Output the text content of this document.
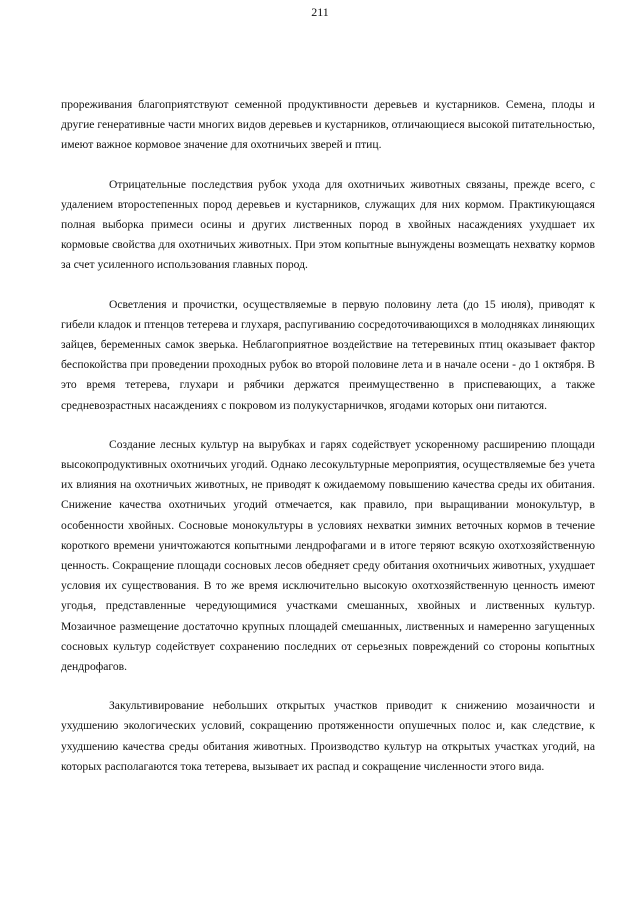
211

прореживания благоприятствуют семенной продуктивности деревьев и кустарников. Семена, плоды и другие генеративные части многих видов деревьев и кустарников, отличающиеся высокой питательностью, имеют важное кормовое значение для охотничьих зверей и птиц.

Отрицательные последствия рубок ухода для охотничьих животных связаны, прежде всего, с удалением второстепенных пород деревьев и кустарников, служащих для них кормом. Практикующаяся полная выборка примеси осины и других лиственных пород в хвойных насаждениях ухудшает их кормовые свойства для охотничьих животных. При этом копытные вынуждены возмещать нехватку кормов за счет усиленного использования главных пород.

Осветления и прочистки, осуществляемые в первую половину лета (до 15 июля), приводят к гибели кладок и птенцов тетерева и глухаря, распугиванию сосредоточивающихся в молодняках линяющих зайцев, беременных самок зверька. Неблагоприятное воздействие на тетеревиных птиц оказывает фактор беспокойства при проведении проходных рубок во второй половине лета и в начале осени - до 1 октября. В это время тетерева, глухари и рябчики держатся преимущественно в приспевающих, а также средневозрастных насаждениях с покровом из полукустарничков, ягодами которых они питаются.

Создание лесных культур на вырубках и гарях содействует ускоренному расширению площади высокопродуктивных охотничьих угодий. Однако лесокультурные мероприятия, осуществляемые без учета их влияния на охотничьих животных, не приводят к ожидаемому повышению качества среды их обитания. Снижение качества охотничьих угодий отмечается, как правило, при выращивании монокультур, в особенности хвойных. Сосновые монокультуры в условиях нехватки зимних веточных кормов в течение короткого времени уничтожаются копытными лендрофагами и в итоге теряют всякую охотхозяйственную ценность. Сокращение площади сосновых лесов обедняет среду обитания охотничьих животных, ухудшает условия их существования. В то же время исключительно высокую охотхозяйственную ценность имеют угодья, представленные чередующимися участками смешанных, хвойных и лиственных культур. Мозаичное размещение достаточно крупных площадей смешанных, лиственных и намеренно загущенных сосновых культур содействует сохранению последних от серьезных повреждений со стороны копытных дендрофагов.

Закультивирование небольших открытых участков приводит к снижению мозаичности и ухудшению экологических условий, сокращению протяженности опушечных полос и, как следствие, к ухудшению качества среды обитания животных. Производство культур на открытых участках угодий, на которых располагаются тока тетерева, вызывает их распад и сокращение численности этого вида.
